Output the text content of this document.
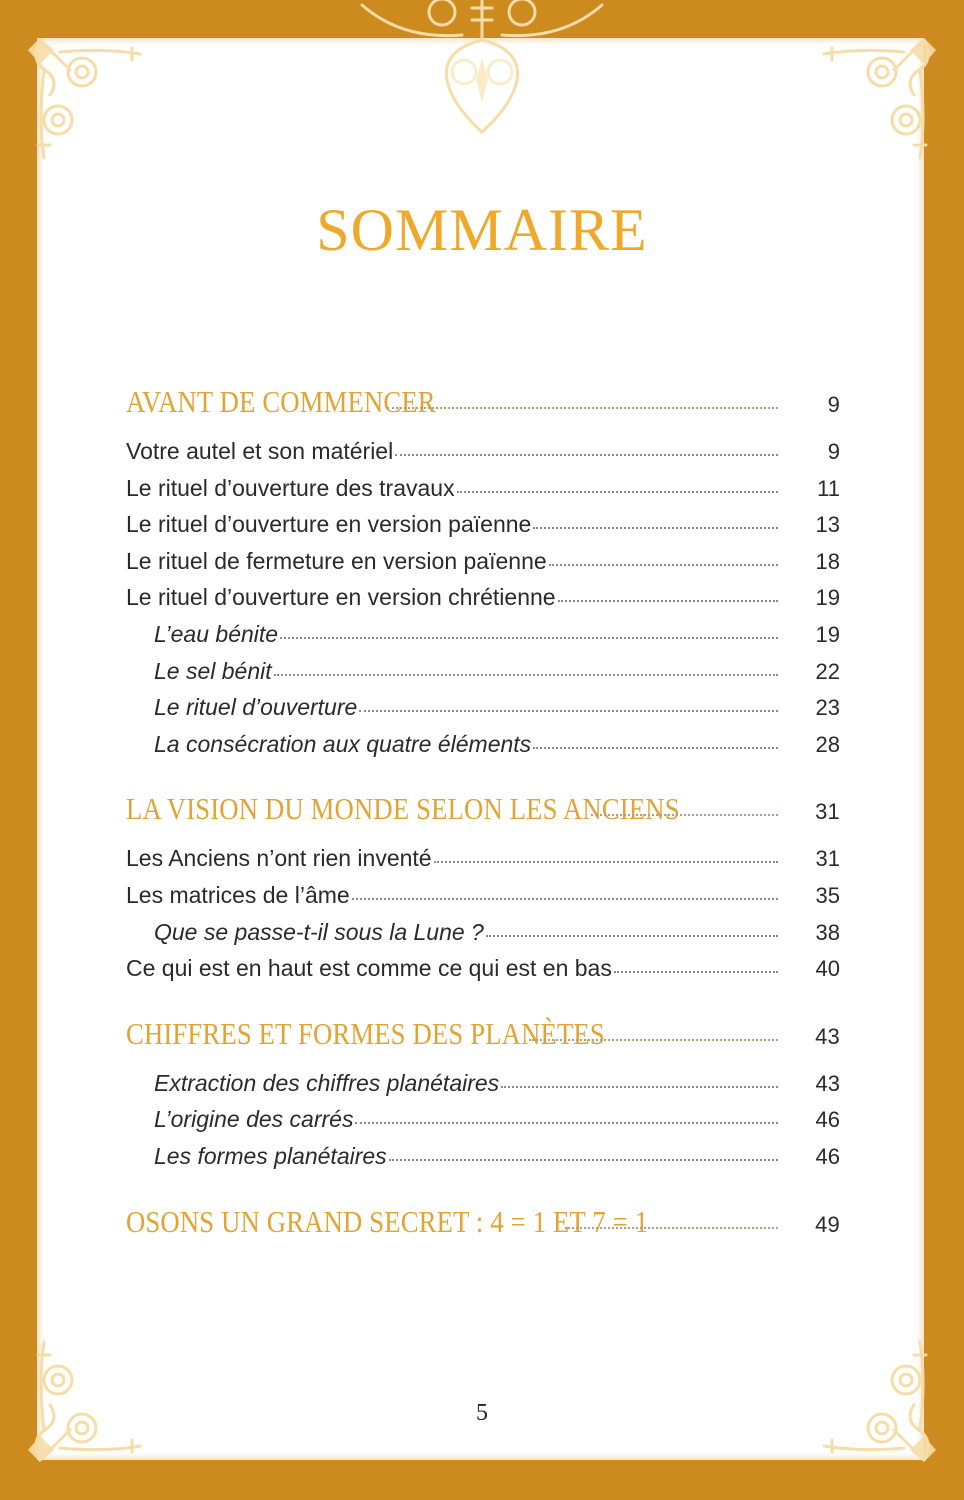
SOMMAIRE
AVANT DE COMMENCER	9
Votre autel et son matériel	9
Le rituel d’ouverture des travaux	11
Le rituel d’ouverture en version païenne	13
Le rituel de fermeture en version païenne	18
Le rituel d’ouverture en version chrétienne	19
L’eau bénite	19
Le sel bénit	22
Le rituel d’ouverture	23
La consécration aux quatre éléments	28
LA VISION DU MONDE SELON LES ANCIENS	31
Les Anciens n’ont rien inventé	31
Les matrices de l’âme	35
Que se passe-t-il sous la Lune ?	38
Ce qui est en haut est comme ce qui est en bas	40
CHIFFRES ET FORMES DES PLANÈTES	43
Extraction des chiffres planétaires	43
L’origine des carrés	46
Les formes planétaires	46
OSONS UN GRAND SECRET : 4 = 1 ET 7 = 1	49
5
